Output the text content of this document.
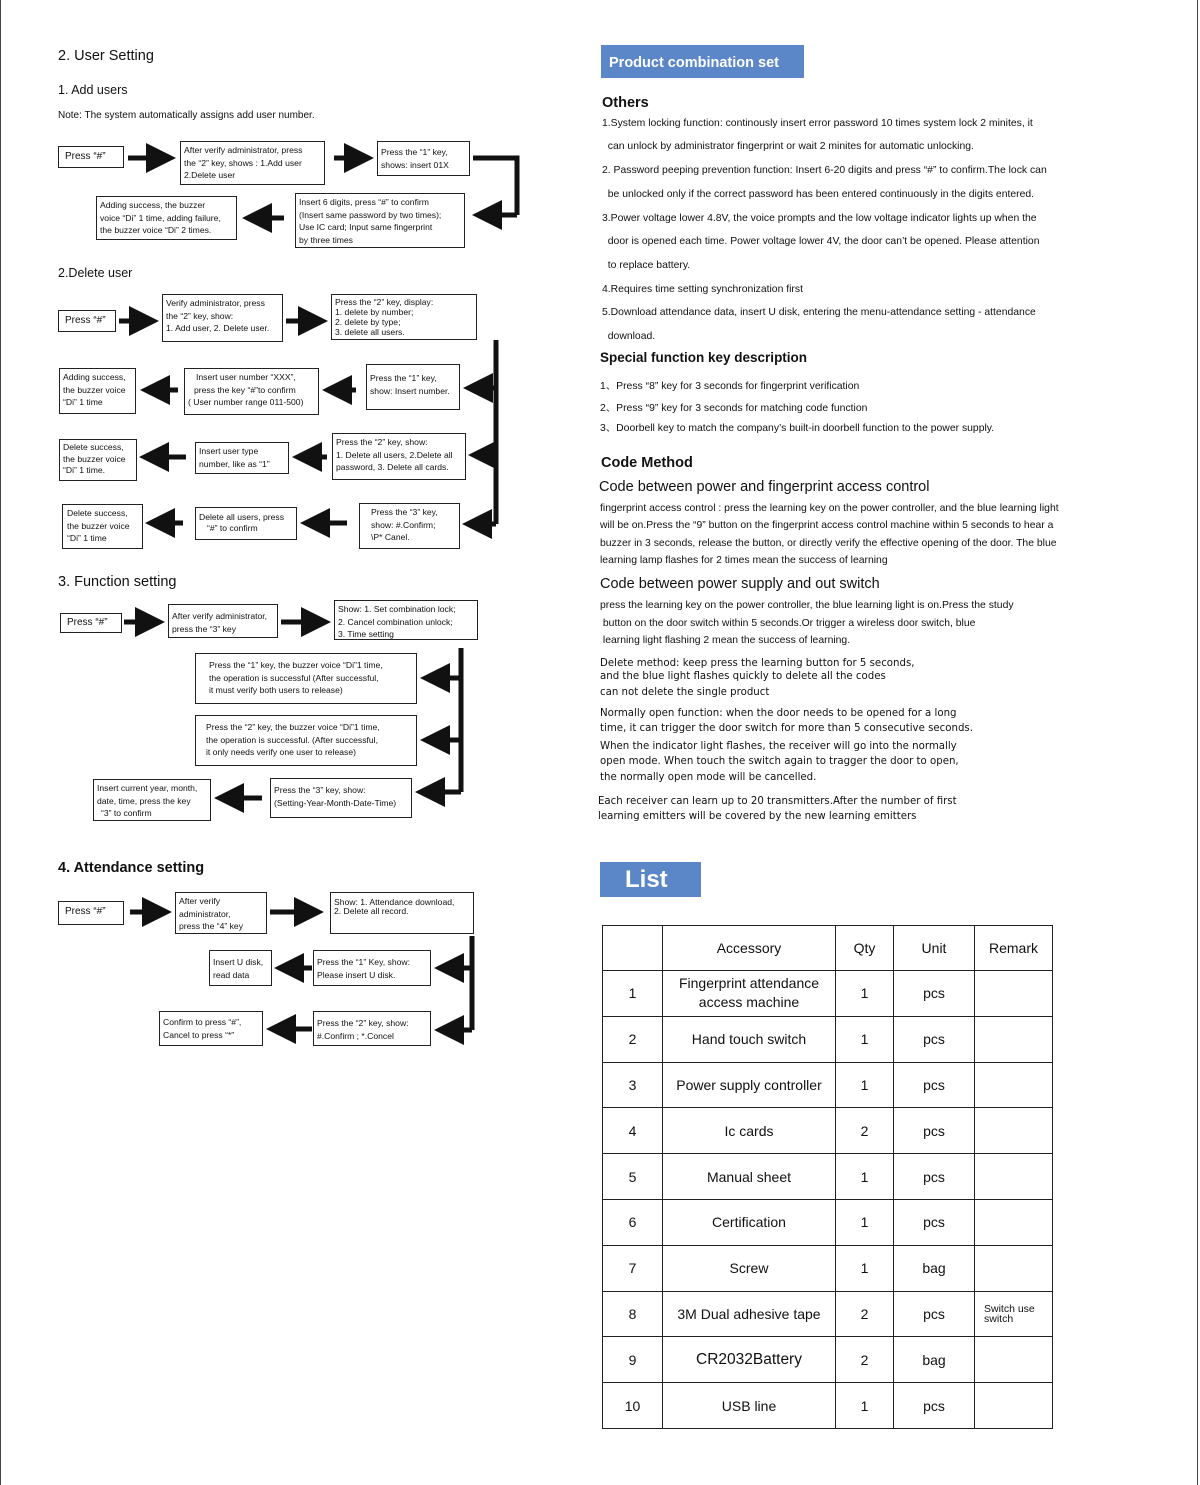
2. User Setting
1. Add users
Note: The system automatically assigns add user number.
Press “#”
After verify administrator, press
the “2” key, shows : 1.Add user
2.Delete user
Press the “1” key,
shows: insert 01X
Insert 6 digits, press “#” to confirm
(Insert same password by two times);
Use IC card; Input same fingerprint
by three times
Adding success, the buzzer
voice “Di” 1 time, adding failure,
the buzzer voice “Di” 2 times.
2.Delete user
Press “#”
Verify administrator, press
the “2” key, show:
1. Add user, 2. Delete user.
Press the “2” key, display:
1. delete by number;
2. delete by type;
3. delete all users.
Press the “1” key,
show: Insert number.
Insert user number “XXX”,
press the key “#”to confirm
( User number range 011-500)
Adding success,
the buzzer voice
“Di” 1 time
Press the “2” key, show:
1. Delete all users, 2.Delete all
password, 3. Delete all cards.
Insert user type
number, like as “1”
Delete success,
the buzzer voice
“Di” 1 time.
Press the “3” key,
show: #.Confirm;
\P* Canel.
Delete all users, press
“#” to confirm
Delete success,
the buzzer voice
“Di” 1 time
3. Function setting
Press “#”
After verify administrator,
press the “3” key
Show: 1. Set combination lock;
2. Cancel combination unlock;
3. Time setting
Press the “1” key, the buzzer voice “Di”1 time,
the operation is successful (After successful,
it must verify both users to release)
Press the “2” key, the buzzer voice “Di”1 time,
the operation is successful. (After successful,
it only needs verify one user to release)
Press the “3” key, show:
(Setting-Year-Month-Date-Time)
Insert current year, month,
date, time, press the key
“3” to confirm
4. Attendance setting
Press “#”
After verify
administrator,
press the “4” key
Show: 1. Attendance download,
2. Delete all record.
Press the “1” Key, show:
Please insert U disk.
Insert U disk,
read data
Press the “2” key, show:
#.Confirm ; *.Concel
Confirm to press “#”,
Cancel to press “*”
Product combination set
Others
1.System locking function: continously insert error password 10 times system lock 2 minites, it
can unlock by administrator fingerprint or wait 2 minites for automatic unlocking.
2. Password peeping prevention function: Insert 6-20 digits and press “#” to confirm.The lock can
be unlocked only if the correct password has been entered continuously in the digits entered.
3.Power voltage lower 4.8V, the voice prompts and the low voltage indicator lights up when the
door is opened each time. Power voltage lower 4V, the door can’t be opened. Please attention
to replace battery.
4.Requires time setting synchronization first
5.Download attendance data, insert U disk, entering the menu-attendance setting - attendance
download.
Special function key description
1、Press “8” key for 3 seconds for fingerprint verification
2、Press “9” key for 3 seconds for matching code function
3、Doorbell key to match the company’s built-in doorbell function to the power supply.
Code Method
Code between power and fingerprint access control
fingerprint access control : press the learning key on the power controller, and the blue learning light
will be on.Press the “9” button on the fingerprint access control machine within 5 seconds to hear a
buzzer in 3 seconds, release the button, or directly verify the effective opening of the door. The blue
learning lamp flashes for 2 times mean the success of learning
Code between power supply and out switch
press the learning key on the power controller, the blue learning light is on.Press the study
button on the door switch within 5 seconds.Or trigger a wireless door switch, blue
learning light flashing 2 mean the success of learning.
Delete method: keep press the learning button for 5 seconds,
and the blue light flashes quickly to delete all the codes
can not delete the single product
Normally open function: when the door needs to be opened for a long
time, it can trigger the door switch for more than 5 consecutive seconds.
When the indicator light flashes, the receiver will go into the normally
open mode. When touch the switch again to tragger the door to open,
the normally open mode will be cancelled.
Each receiver can learn up to 20 transmitters.After the number of first
learning emitters will be covered by the new learning emitters
List
	Accessory	Qty	Unit	Remark
1	Fingerprint attendance access machine	1	pcs	
2	Hand touch switch	1	pcs	
3	Power supply controller	1	pcs	
4	Ic cards	2	pcs	
5	Manual sheet	1	pcs	
6	Certification	1	pcs	
7	Screw	1	bag	
8	3M Dual adhesive tape	2	pcs	Switch use switch
9	CR2032Battery	2	bag	
10	USB line	1	pcs	
